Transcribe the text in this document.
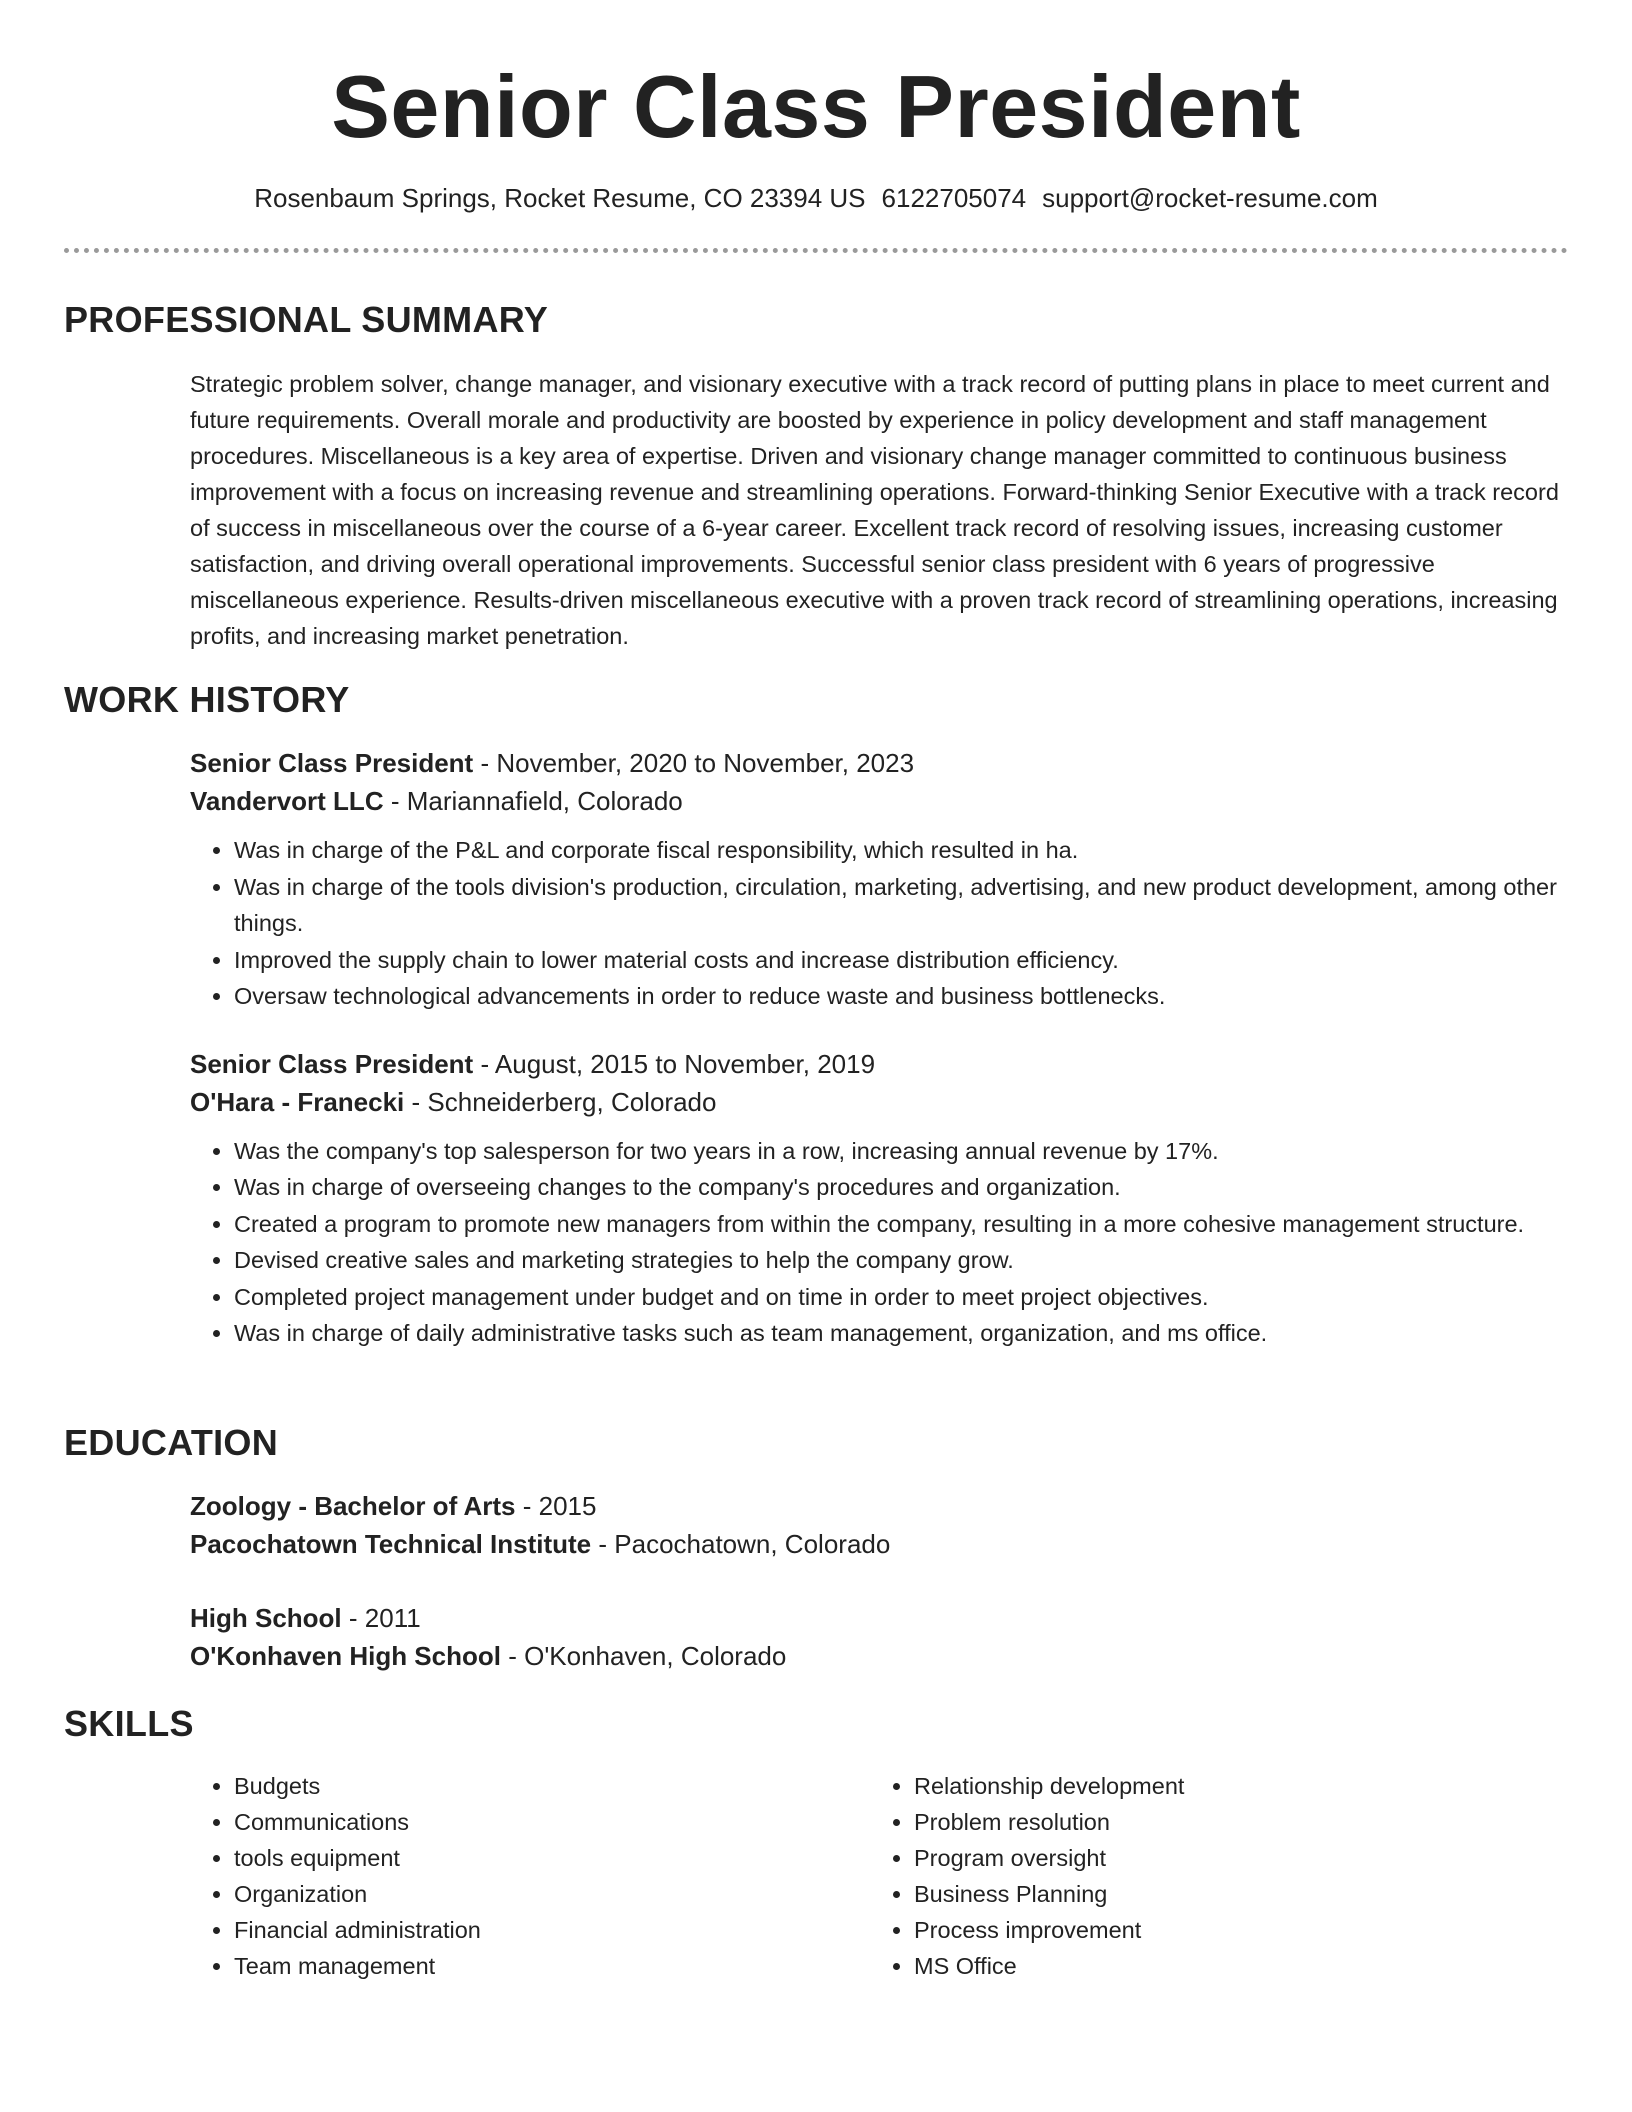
Senior Class President
Rosenbaum Springs, Rocket Resume, CO 23394 US 6122705074 support@rocket-resume.com
PROFESSIONAL SUMMARY

Strategic problem solver, change manager, and visionary executive with a track record of putting plans in place to meet current and future requirements. Overall morale and productivity are boosted by experience in policy development and staff management procedures. Miscellaneous is a key area of expertise. Driven and visionary change manager committed to continuous business improvement with a focus on increasing revenue and streamlining operations. Forward-thinking Senior Executive with a track record of success in miscellaneous over the course of a 6-year career. Excellent track record of resolving issues, increasing customer satisfaction, and driving overall operational improvements. Successful senior class president with 6 years of progressive miscellaneous experience. Results-driven miscellaneous executive with a proven track record of streamlining operations, increasing profits, and increasing market penetration.

WORK HISTORY
Senior Class President - November, 2020 to November, 2023
Vandervort LLC - Mariannafield, Colorado
• Was in charge of the P&L and corporate fiscal responsibility, which resulted in ha.
• Was in charge of the tools division's production, circulation, marketing, advertising, and new product development, among other things.
• Improved the supply chain to lower material costs and increase distribution efficiency.
• Oversaw technological advancements in order to reduce waste and business bottlenecks.
Senior Class President - August, 2015 to November, 2019
O'Hara - Franecki - Schneiderberg, Colorado
• Was the company's top salesperson for two years in a row, increasing annual revenue by 17%.
• Was in charge of overseeing changes to the company's procedures and organization.
• Created a program to promote new managers from within the company, resulting in a more cohesive management structure.
• Devised creative sales and marketing strategies to help the company grow.
• Completed project management under budget and on time in order to meet project objectives.
• Was in charge of daily administrative tasks such as team management, organization, and ms office.
EDUCATION
Zoology - Bachelor of Arts - 2015
Pacochatown Technical Institute - Pacochatown, Colorado
High School - 2011
O'Konhaven High School - O'Konhaven, Colorado
SKILLS
• Budgets
• Communications
• tools equipment
• Organization
• Financial administration
• Team management
• Relationship development
• Problem resolution
• Program oversight
• Business Planning
• Process improvement
• MS Office
